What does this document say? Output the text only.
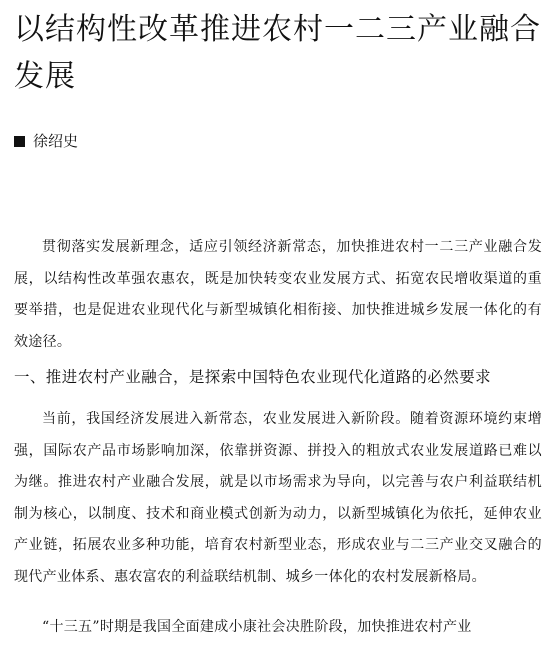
以结构性改革推进农村一二三产业融合发展
徐绍史

贯彻落实发展新理念，适应引领经济新常态，加快推进农村一二三产业融合发展，以结构性改革强农惠农，既是加快转变农业发展方式、拓宽农民增收渠道的重要举措，也是促进农业现代化与新型城镇化相衔接、加快推进城乡发展一体化的有效途径。

一、推进农村产业融合，是探索中国特色农业现代化道路的必然要求

当前，我国经济发展进入新常态，农业发展进入新阶段。随着资源环境约束增强，国际农产品市场影响加深，依靠拼资源、拼投入的粗放式农业发展道路已难以为继。推进农村产业融合发展，就是以市场需求为导向，以完善与农户利益联结机制为核心，以制度、技术和商业模式创新为动力，以新型城镇化为依托，延伸农业产业链，拓展农业多种功能，培育农村新型业态，形成农业与二三产业交叉融合的现代产业体系、惠农富农的利益联结机制、城乡一体化的农村发展新格局。

“十三五”时期是我国全面建成小康社会决胜阶段，加快推进农村产业
